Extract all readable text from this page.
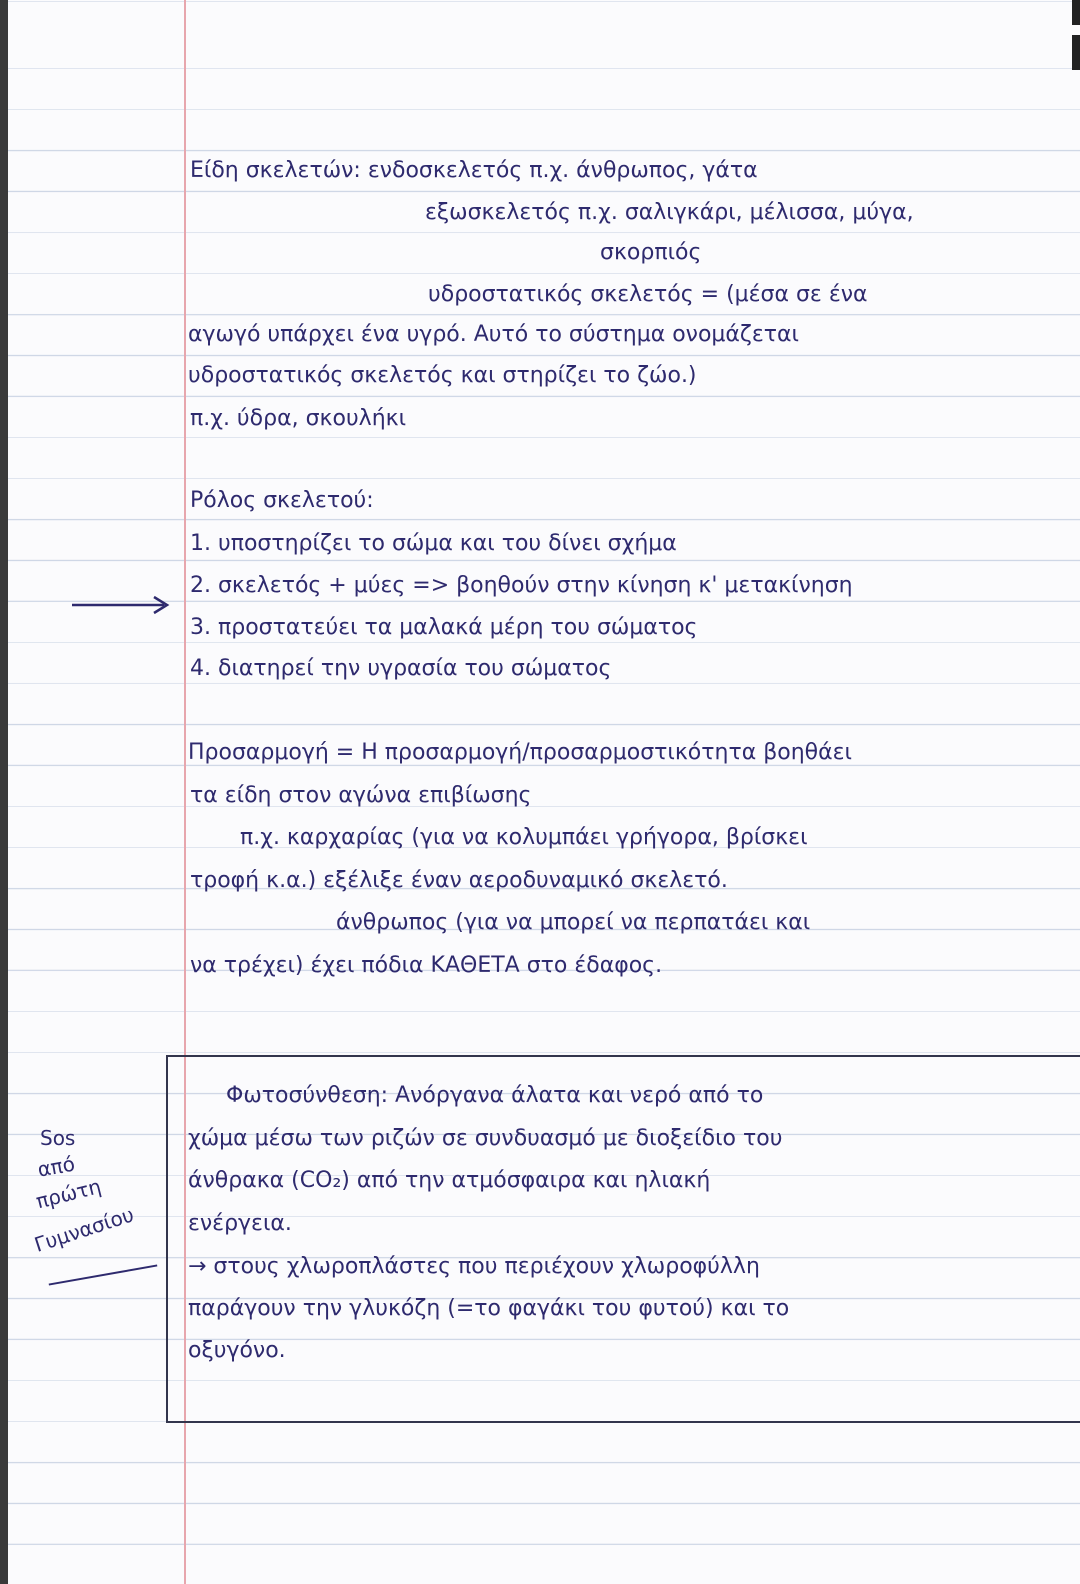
Είδη σκελετών: ενδοσκελετός π.χ. άνθρωπος, γάτα
εξωσκελετός π.χ. σαλιγκάρι, μέλισσα, μύγα,
σκορπιός
υδροστατικός σκελετός = (μέσα σε ένα
αγωγό υπάρχει ένα υγρό. Αυτό το σύστημα ονομάζεται
υδροστατικός σκελετός και στηρίζει το ζώο.)
π.χ. ύδρα, σκουλήκι
Ρόλος σκελετού:
1. υποστηρίζει το σώμα και του δίνει σχήμα
2. σκελετός + μύες => βοηθούν στην κίνηση κ' μετακίνηση
3. προστατεύει τα μαλακά μέρη του σώματος
4. διατηρεί την υγρασία του σώματος
Προσαρμογή = Η προσαρμογή/προσαρμοστικότητα βοηθάει
τα είδη στον αγώνα επιβίωσης
π.χ. καρχαρίας (για να κολυμπάει γρήγορα, βρίσκει
τροφή κ.α.) εξέλιξε έναν αεροδυναμικό σκελετό.
άνθρωπος (για να μπορεί να περπατάει και
να τρέχει) έχει πόδια ΚΑΘΕΤΑ στο έδαφος.
Φωτοσύνθεση: Ανόργανα άλατα και νερό από το
χώμα μέσω των ριζών σε συνδυασμό με διοξείδιο του
άνθρακα (CO₂) από την ατμόσφαιρα και ηλιακή
ενέργεια.
→ στους χλωροπλάστες που περιέχουν χλωροφύλλη
παράγουν την γλυκόζη (=το φαγάκι του φυτού) και το
οξυγόνο.
Sos
από
πρώτη
Γυμνασίου
